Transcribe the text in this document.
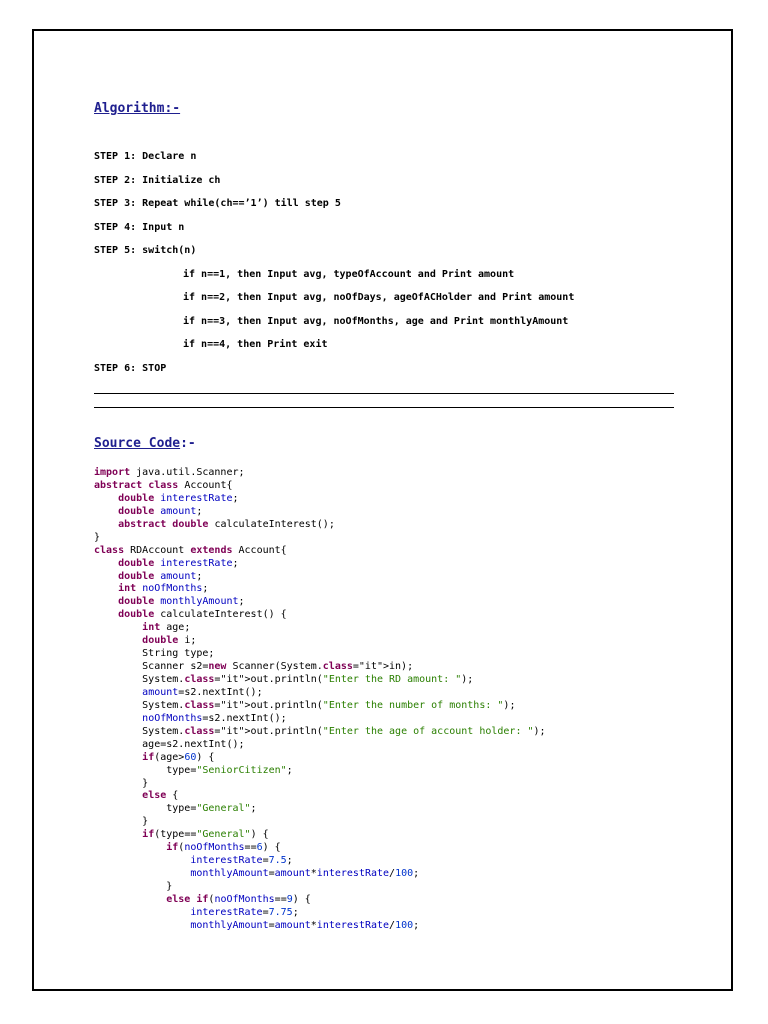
Algorithm:-
STEP 1: Declare n
STEP 2: Initialize ch
STEP 3: Repeat while(ch==’1’) till step 5
STEP 4: Input n
STEP 5: switch(n)
if n==1, then Input avg, typeOfAccount and Print amount
if n==2, then Input avg, noOfDays, ageOfACHolder and Print amount
if n==3, then Input avg, noOfMonths, age and Print monthlyAmount
if n==4, then Print exit
STEP 6: STOP
Source Code:-
import java.util.Scanner;
abstract class Account{
double interestRate;
double amount;
abstract double calculateInterest();
}
class RDAccount extends Account{
double interestRate;
double amount;
int noOfMonths;
double monthlyAmount;
double calculateInterest() {
int age;
double i;
String type;
Scanner s2=new Scanner(System.class="it">in);
System.class="it">out.println("Enter the RD amount: ");
amount=s2.nextInt();
System.class="it">out.println("Enter the number of months: ");
noOfMonths=s2.nextInt();
System.class="it">out.println("Enter the age of account holder: ");
age=s2.nextInt();
if(age>60) {
type="SeniorCitizen";
}
else {
type="General";
}
if(type=="General") {
if(noOfMonths==6) {
interestRate=7.5;
monthlyAmount=amount*interestRate/100;
}
else if(noOfMonths==9) {
interestRate=7.75;
monthlyAmount=amount*interestRate/100;
